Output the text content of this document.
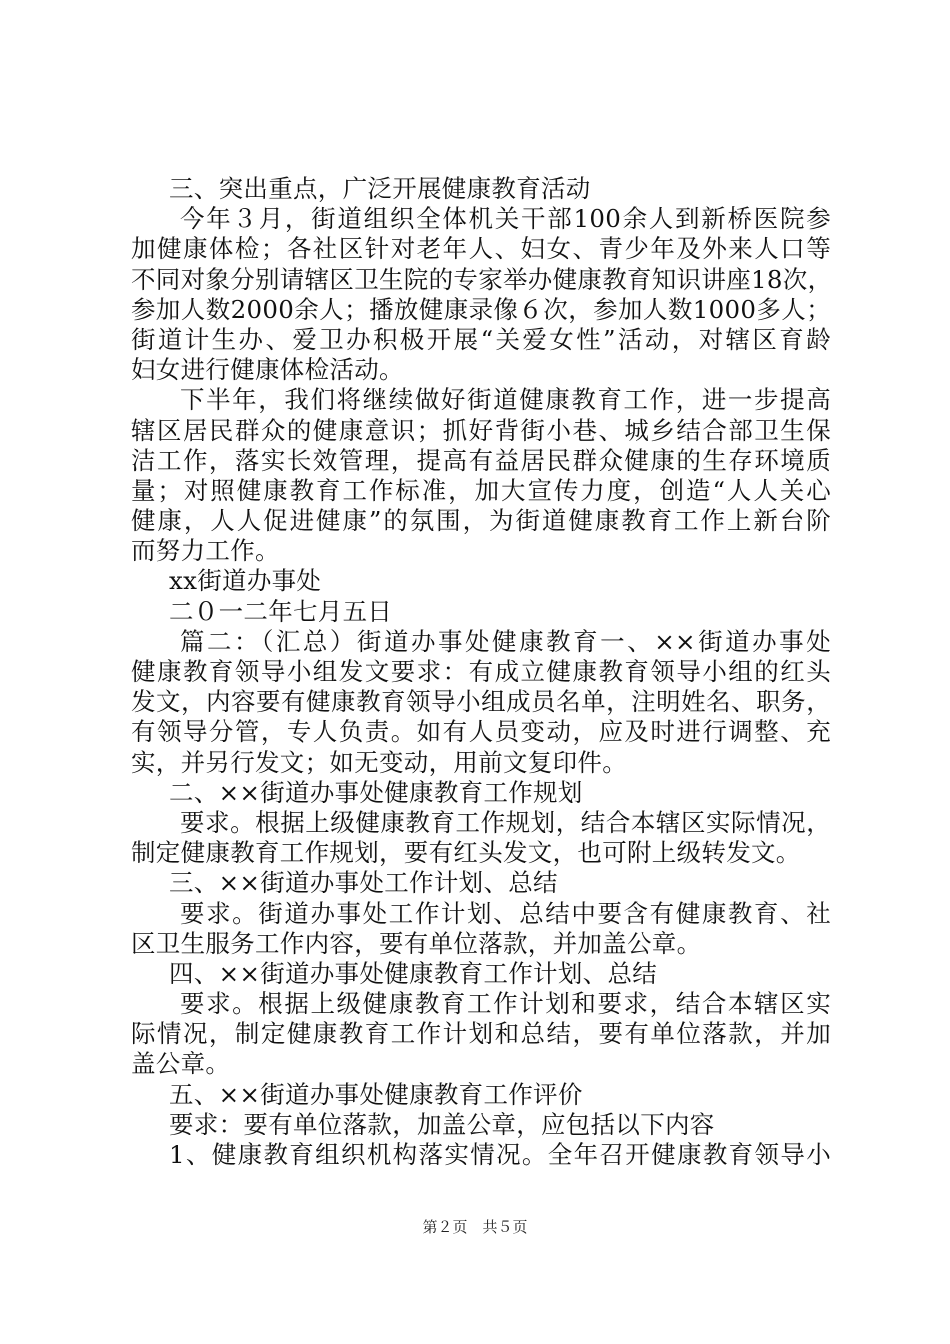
三、突出重点，广泛开展健康教育活动
今年３月，街道组织全体机关干部100余人到新桥医院参
加健康体检；各社区针对老年人、妇女、青少年及外来人口等
不同对象分别请辖区卫生院的专家举办健康教育知识讲座18次，
参加人数2000余人；播放健康录像６次，参加人数1000多人；
街道计生办、爱卫办积极开展“关爱女性”活动，对辖区育龄
妇女进行健康体检活动。
下半年，我们将继续做好街道健康教育工作，进一步提高
辖区居民群众的健康意识；抓好背街小巷、城乡结合部卫生保
洁工作，落实长效管理，提高有益居民群众健康的生存环境质
量；对照健康教育工作标准，加大宣传力度，创造“人人关心
健康，人人促进健康”的氛围，为街道健康教育工作上新台阶
而努力工作。
xx街道办事处
二０一二年七月五日
篇二：（汇总）街道办事处健康教育一、××街道办事处
健康教育领导小组发文要求：有成立健康教育领导小组的红头
发文，内容要有健康教育领导小组成员名单，注明姓名、职务，
有领导分管，专人负责。如有人员变动，应及时进行调整、充
实，并另行发文；如无变动，用前文复印件。
二、××街道办事处健康教育工作规划
要求。根据上级健康教育工作规划，结合本辖区实际情况，
制定健康教育工作规划，要有红头发文，也可附上级转发文。
三、××街道办事处工作计划、总结
要求。街道办事处工作计划、总结中要含有健康教育、社
区卫生服务工作内容，要有单位落款，并加盖公章。
四、××街道办事处健康教育工作计划、总结
要求。根据上级健康教育工作计划和要求，结合本辖区实
际情况，制定健康教育工作计划和总结，要有单位落款，并加
盖公章。
五、××街道办事处健康教育工作评价
要求：要有单位落款，加盖公章，应包括以下内容
1、健康教育组织机构落实情况。全年召开健康教育领导小
第２页　共５页
